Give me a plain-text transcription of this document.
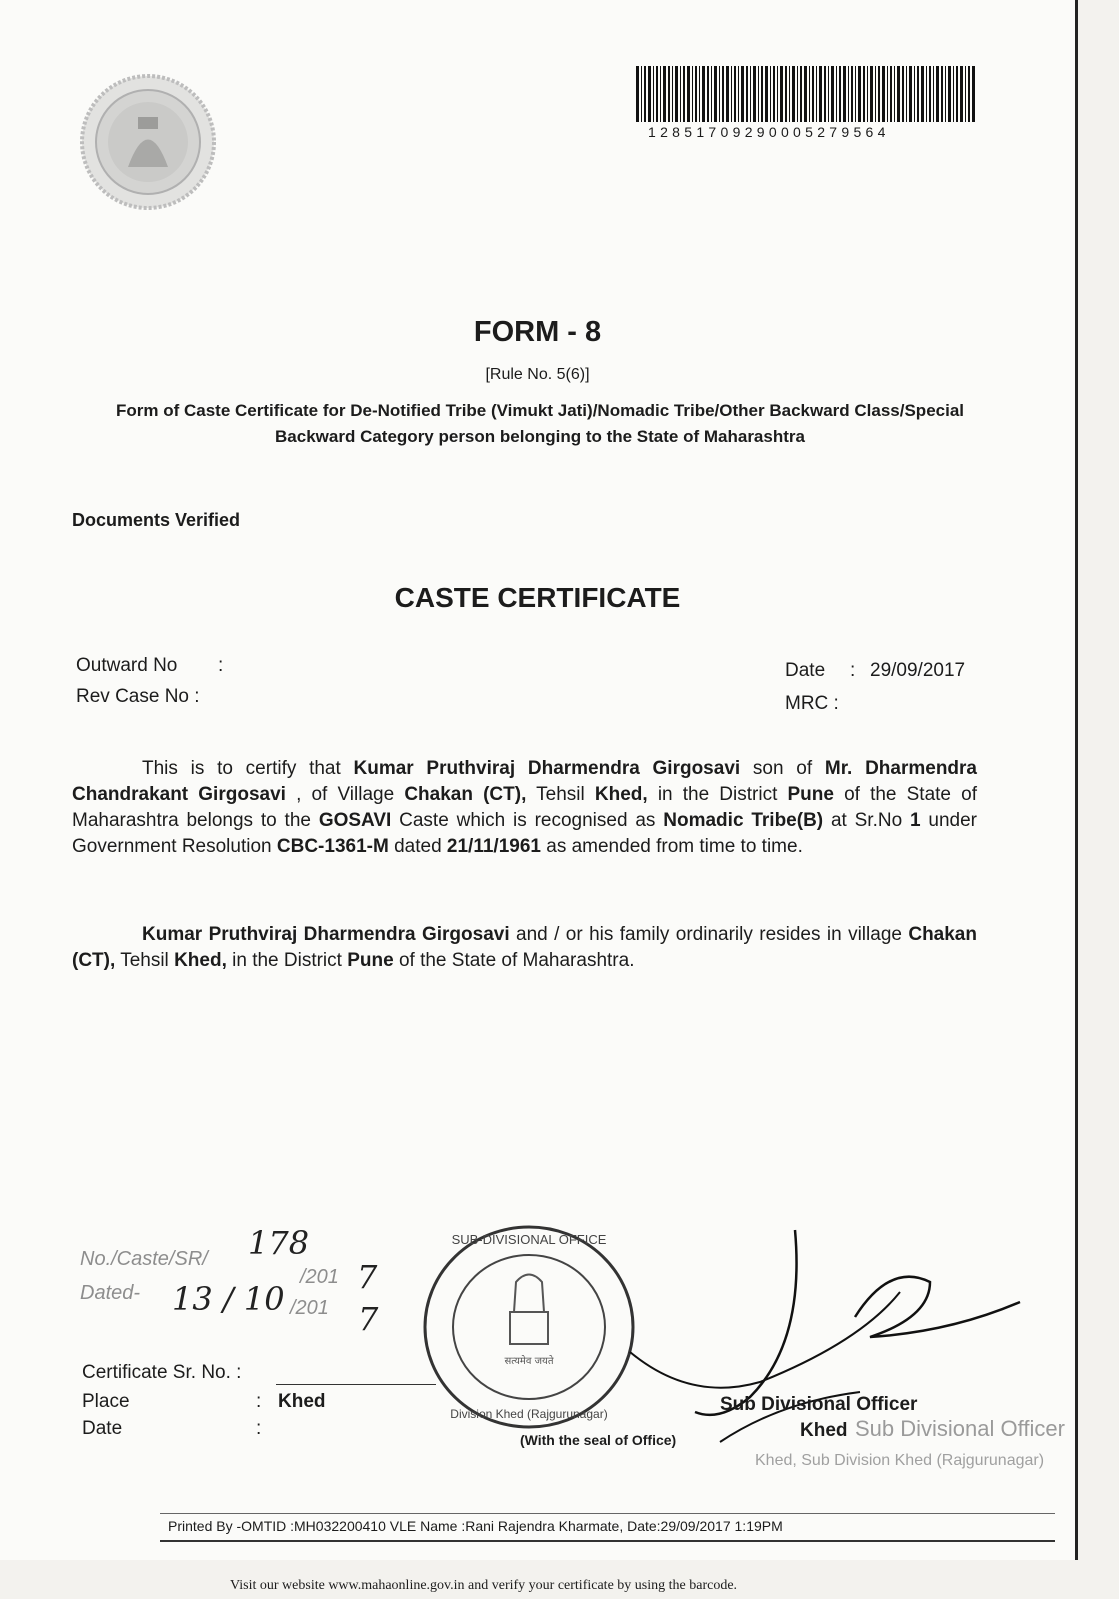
128517092900052795​64
FORM - 8
[Rule No. 5(6)]
Form of Caste Certificate for De-Notified Tribe (Vimukt Jati)/Nomadic Tribe/Other Backward Class/Special Backward Category person belonging to the State of Maharashtra
Documents Verified
CASTE CERTIFICATE
Outward No :
Rev Case No :
Date : 29/09/2017
MRC :
This is to certify that Kumar Pruthviraj Dharmendra Girgosavi son of Mr. Dharmendra Chandrakant Girgosavi , of Village Chakan (CT), Tehsil Khed, in the District Pune of the State of Maharashtra belongs to the GOSAVI Caste which is recognised as Nomadic Tribe(B) at Sr.No 1 under Government Resolution CBC-1361-M dated 21/11/1961 as amended from time to time.
Kumar Pruthviraj Dharmendra Girgosavi and / or his family ordinarily resides in village Chakan (CT), Tehsil Khed, in the District Pune of the State of Maharashtra.
No./Caste/SR/
/201
Dated-
/201
178
7
13 / 10
7
Certificate Sr. No. :
Place	: Khed
Date	:
सत्यमेव जयते
SUB-DIVISIONAL OFFICE
Division Khed (Rajgurunagar)
(With the seal of Office)
Sub Divisional Officer
Khed Sub Divisional Officer
Khed, Sub Division Khed (Rajgurunagar)
Printed By -OMTID :MH032200410 VLE Name :Rani Rajendra Kharmate, Date:29/09/2017 1:19PM
Visit our website www.mahaonline.gov.in and verify your certificate by using the barcode.
